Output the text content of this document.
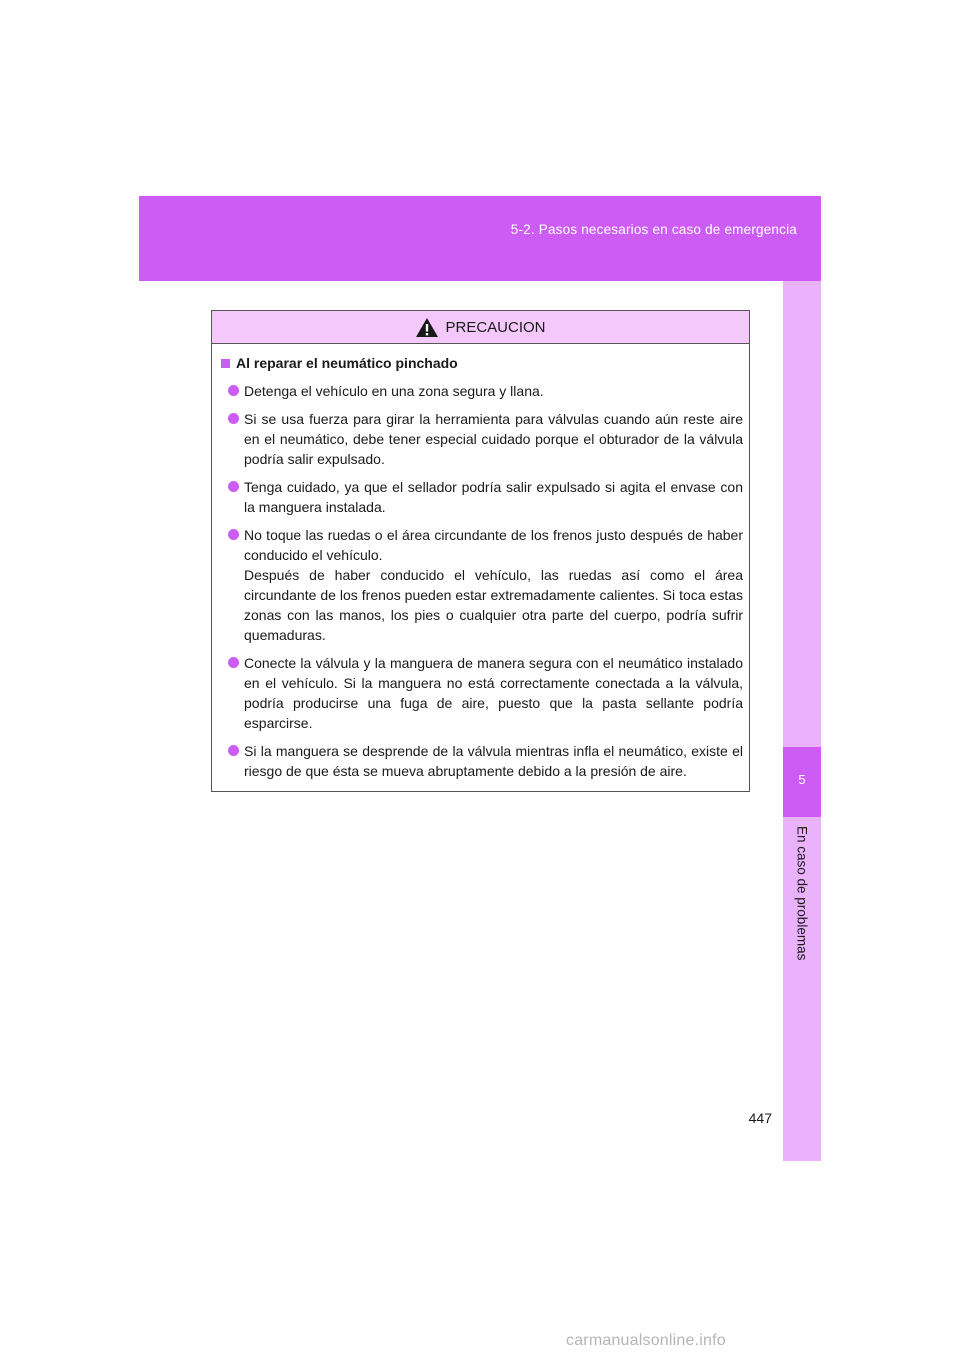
5-2. Pasos necesarios en caso de emergencia
5
En caso de problemas
PRECAUCION
Al reparar el neumático pinchado
Detenga el vehículo en una zona segura y llana.
Si se usa fuerza para girar la herramienta para válvulas cuando aún reste aire en el neumático, debe tener especial cuidado porque el obturador de la válvula podría salir expulsado.
Tenga cuidado, ya que el sellador podría salir expulsado si agita el envase con la manguera instalada.
No toque las ruedas o el área circundante de los frenos justo después de haber conducido el vehículo.
Después de haber conducido el vehículo, las ruedas así como el área circundante de los frenos pueden estar extremadamente calientes. Si toca estas zonas con las manos, los pies o cualquier otra parte del cuerpo, podría sufrir quemaduras.
Conecte la válvula y la manguera de manera segura con el neumático instalado en el vehículo. Si la manguera no está correctamente conectada a la válvula, podría producirse una fuga de aire, puesto que la pasta sellante podría esparcirse.
Si la manguera se desprende de la válvula mientras infla el neumático, existe el riesgo de que ésta se mueva abruptamente debido a la presión de aire.
447
carmanualsonline.info
